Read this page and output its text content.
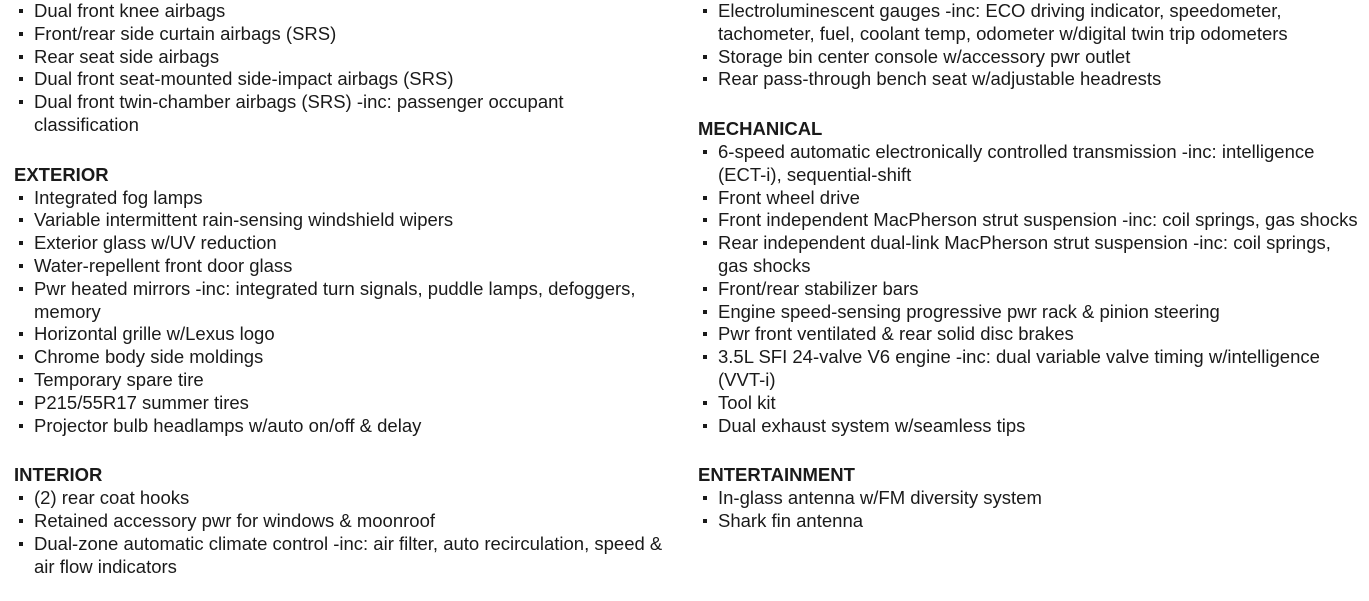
Dual front knee airbags
Front/rear side curtain airbags (SRS)
Rear seat side airbags
Dual front seat-mounted side-impact airbags (SRS)
Dual front twin-chamber airbags (SRS) -inc: passenger occupant classification
EXTERIOR
Integrated fog lamps
Variable intermittent rain-sensing windshield wipers
Exterior glass w/UV reduction
Water-repellent front door glass
Pwr heated mirrors -inc: integrated turn signals, puddle lamps, defoggers, memory
Horizontal grille w/Lexus logo
Chrome body side moldings
Temporary spare tire
P215/55R17 summer tires
Projector bulb headlamps w/auto on/off & delay
INTERIOR
(2) rear coat hooks
Retained accessory pwr for windows & moonroof
Dual-zone automatic climate control -inc: air filter, auto recirculation, speed & air flow indicators
Electroluminescent gauges -inc: ECO driving indicator, speedometer, tachometer, fuel, coolant temp, odometer w/digital twin trip odometers
Storage bin center console w/accessory pwr outlet
Rear pass-through bench seat w/adjustable headrests
MECHANICAL
6-speed automatic electronically controlled transmission -inc: intelligence (ECT-i), sequential-shift
Front wheel drive
Front independent MacPherson strut suspension -inc: coil springs, gas shocks
Rear independent dual-link MacPherson strut suspension -inc: coil springs, gas shocks
Front/rear stabilizer bars
Engine speed-sensing progressive pwr rack & pinion steering
Pwr front ventilated & rear solid disc brakes
3.5L SFI 24-valve V6 engine -inc: dual variable valve timing w/intelligence (VVT-i)
Tool kit
Dual exhaust system w/seamless tips
ENTERTAINMENT
In-glass antenna w/FM diversity system
Shark fin antenna
